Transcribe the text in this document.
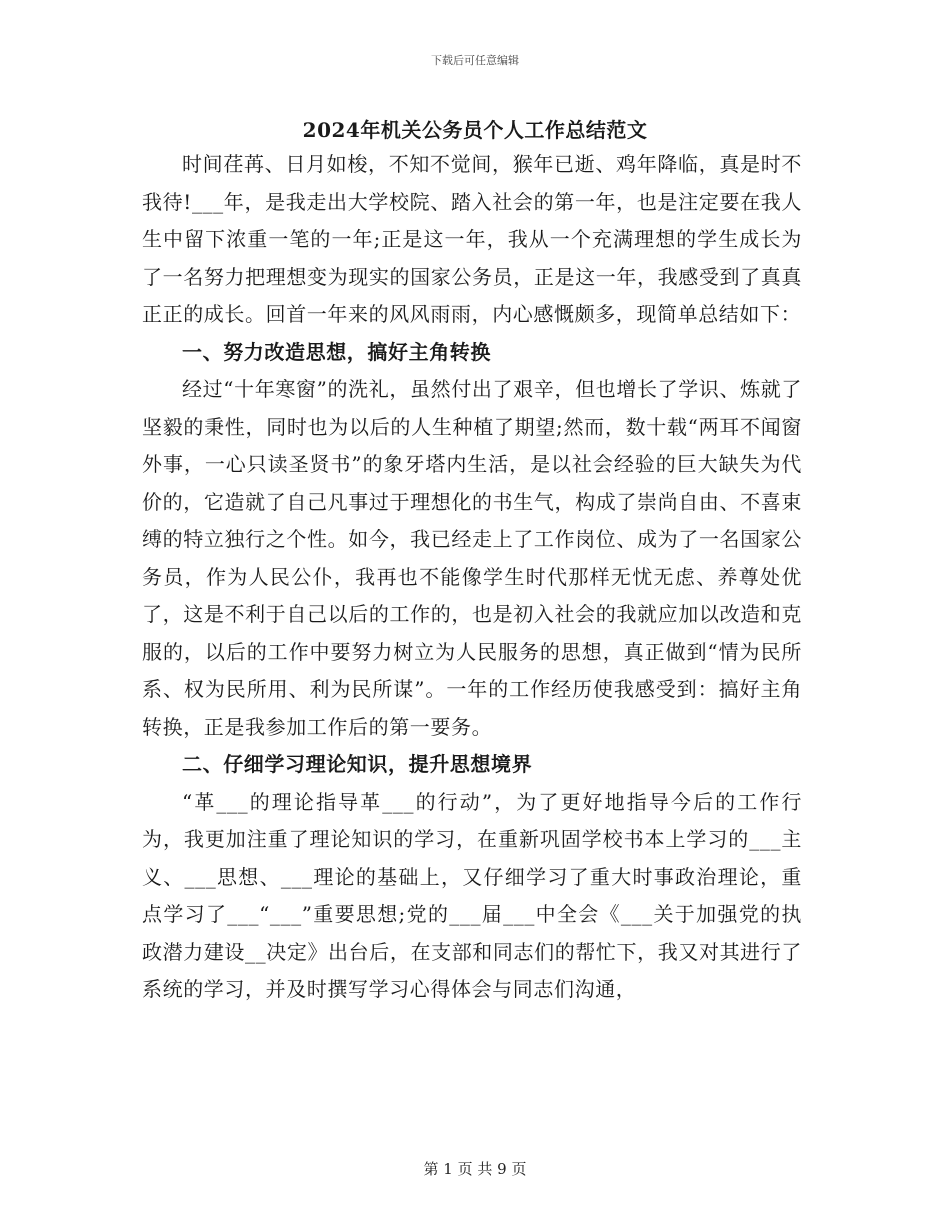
下载后可任意编辑
2024年机关公务员个人工作总结范文

时间荏苒、日月如梭，不知不觉间，猴年已逝、鸡年降临，真是时不我待!___年，是我走出大学校院、踏入社会的第一年，也是注定要在我人生中留下浓重一笔的一年;正是这一年，我从一个充满理想的学生成长为了一名努力把理想变为现实的国家公务员，正是这一年，我感受到了真真正正的成长。回首一年来的风风雨雨，内心感慨颇多，现简单总结如下：

一、努力改造思想，搞好主角转换

经过“十年寒窗”的洗礼，虽然付出了艰辛，但也增长了学识、炼就了坚毅的秉性，同时也为以后的人生种植了期望;然而，数十载“两耳不闻窗外事，一心只读圣贤书”的象牙塔内生活，是以社会经验的巨大缺失为代价的，它造就了自己凡事过于理想化的书生气，构成了崇尚自由、不喜束缚的特立独行之个性。如今，我已经走上了工作岗位、成为了一名国家公务员，作为人民公仆，我再也不能像学生时代那样无忧无虑、养尊处优了，这是不利于自己以后的工作的，也是初入社会的我就应加以改造和克服的，以后的工作中要努力树立为人民服务的思想，真正做到“情为民所系、权为民所用、利为民所谋”。一年的工作经历使我感受到：搞好主角转换，正是我参加工作后的第一要务。

二、仔细学习理论知识，提升思想境界

“革___的理论指导革___的行动”，为了更好地指导今后的工作行为，我更加注重了理论知识的学习，在重新巩固学校书本上学习的___主义、___思想、___理论的基础上，又仔细学习了重大时事政治理论，重点学习了___“___”重要思想;党的___届___中全会《___关于加强党的执政潜力建设__决定》出台后，在支部和同志们的帮忙下，我又对其进行了系统的学习，并及时撰写学习心得体会与同志们沟通，

第 1 页 共 9 页
